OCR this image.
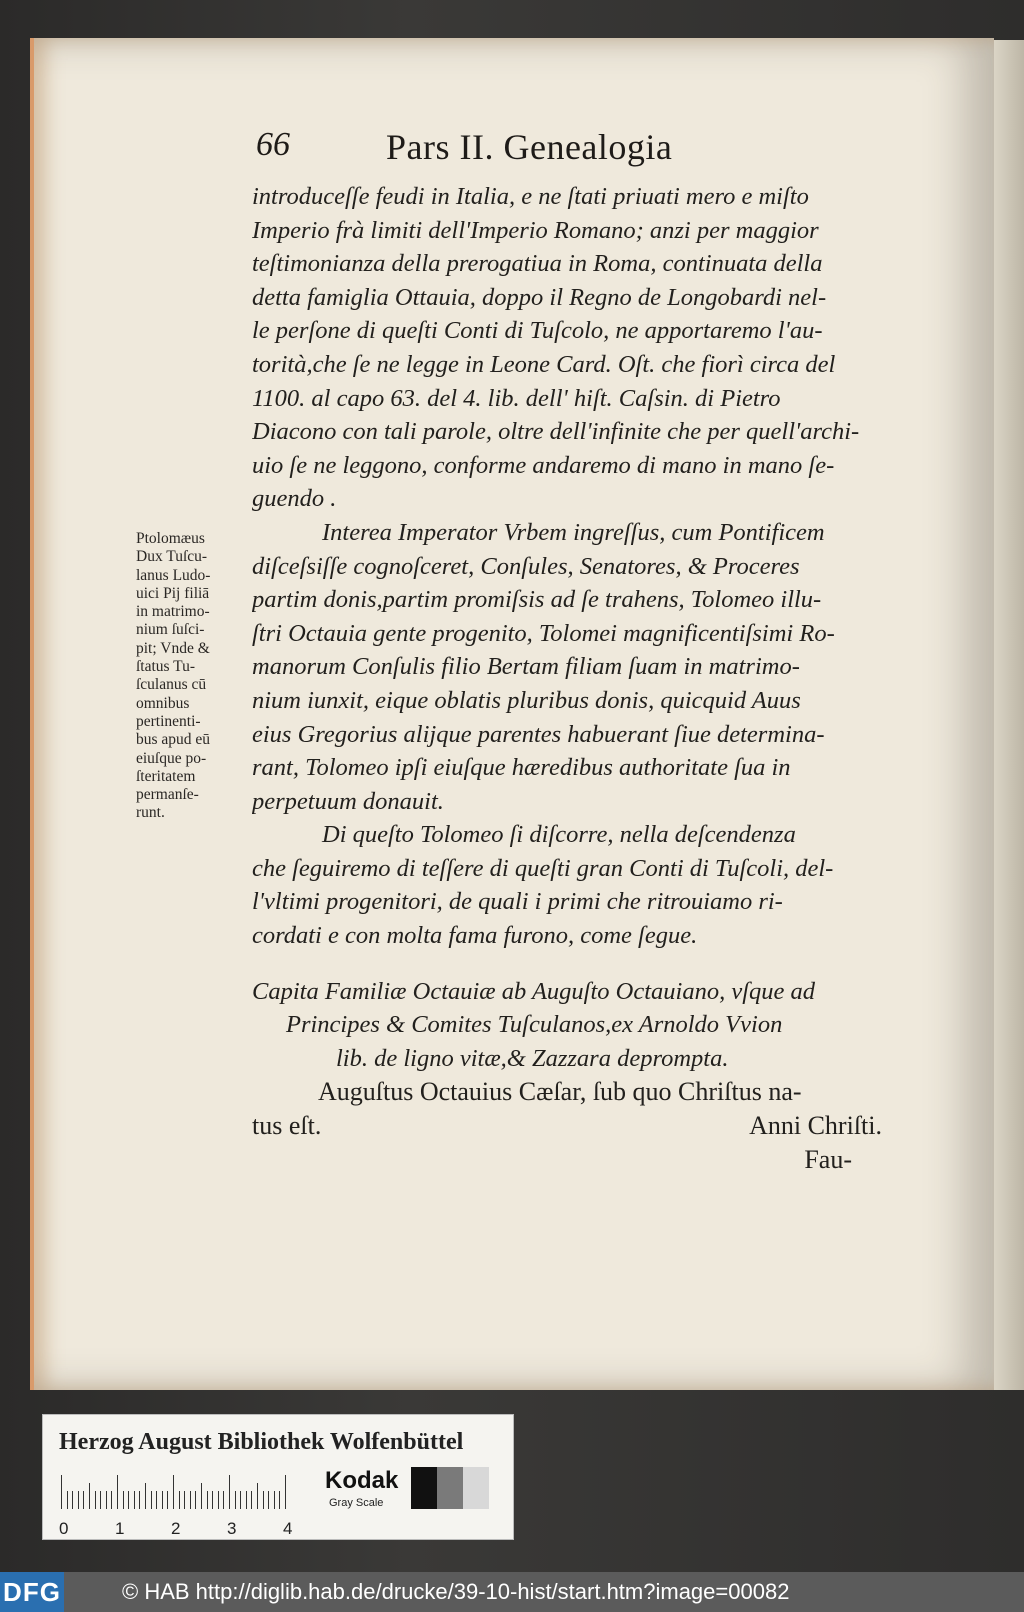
66	Pars II. Genealogia
introduceſſe feudi in Italia, e ne ſtati priuati mero e miſto
Imperio frà limiti dell'Imperio Romano; anzi per maggior
teſtimonianza della prerogatiua in Roma, continuata della
detta famiglia Ottauia, doppo il Regno de Longobardi nel-
le perſone di queſti Conti di Tuſcolo, ne apportaremo l'au-
torità,che ſe ne legge in Leone Card. Oſt. che fiorì circa del
1100. al capo 63. del 4. lib. dell' hiſt. Caſsin. di Pietro
Diacono con tali parole, oltre dell'infinite che per quell'archi-
uio ſe ne leggono, conforme andaremo di mano in mano ſe-
guendo .
Interea Imperator Vrbem ingreſſus, cum Pontificem
diſceſsiſſe cognoſceret, Conſules, Senatores, & Proceres
partim donis,partim promiſsis ad ſe trahens, Tolomeo illu-
ſtri Octauia gente progenito, Tolomei magnificentiſsimi Ro-
manorum Conſulis filio Bertam filiam ſuam in matrimo-
nium iunxit, eique oblatis pluribus donis, quicquid Auus
eius Gregorius alijque parentes habuerant ſiue determina-
rant, Tolomeo ipſi eiuſque hæredibus authoritate ſua in
perpetuum donauit.
Di queſto Tolomeo ſi diſcorre, nella deſcendenza
che ſeguiremo di teſſere di queſti gran Conti di Tuſcoli, del-
l'vltimi progenitori, de quali i primi che ritrouiamo ri-
cordati e con molta fama furono, come ſegue.
Capita Familiæ Octauiæ ab Auguſto Octauiano, vſque ad
Principes & Comites Tuſculanos,ex Arnoldo Vvion
lib. de ligno vitæ,& Zazzara deprompta.
Auguſtus Octauius Cæſar, ſub quo Chriſtus na-
tus eſt.	Anni Chriſti.
Fau-
Ptolomæus
Dux Tuſcu-
lanus Ludo-
uici Pij filiā
in matrimo-
nium ſuſci-
pit; Vnde &
ſtatus Tu-
ſculanus cū
omnibus
pertinenti-
bus apud eū
eiuſque po-
ſteritatem
permanſe-
runt.
Herzog August Bibliothek Wolfenbüttel
0	1	2	3	4
Kodak
Gray Scale
DFG	© HAB http://diglib.hab.de/drucke/39-10-hist/start.htm?image=00082
